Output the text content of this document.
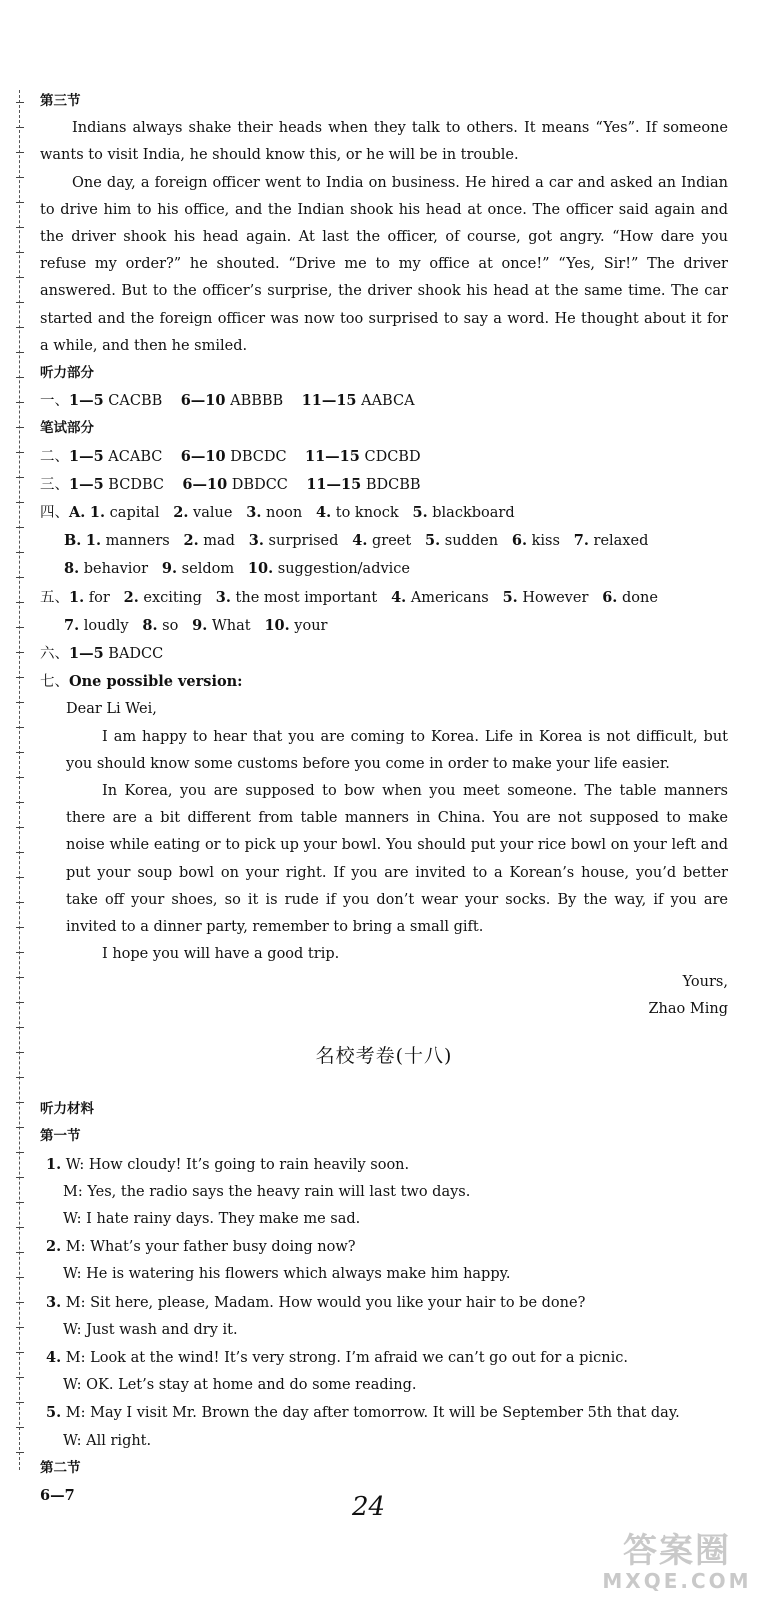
第三节

Indians always shake their heads when they talk to others. It means “Yes”. If someone wants to visit India, he should know this, or he will be in trouble.

One day, a foreign officer went to India on business. He hired a car and asked an Indian to drive him to his office, and the Indian shook his head at once. The officer said again and the driver shook his head again. At last the officer, of course, got angry. “How dare you refuse my order?” he shouted. “Drive me to my office at once!” “Yes, Sir!” The driver answered. But to the officer’s surprise, the driver shook his head at the same time. The car started and the foreign officer was now too surprised to say a word. He thought about it for a while, and then he smiled.

听力部分

一、1—5 CACBB 6—10 ABBBB 11—15 AABCA

笔试部分

二、1—5 ACABC 6—10 DBCDC 11—15 CDCBD

三、1—5 BCDBC 6—10 DBDCC 11—15 BDCBB

四、A. 1. capital 2. value 3. noon 4. to knock 5. blackboard

B. 1. manners 2. mad 3. surprised 4. greet 5. sudden 6. kiss 7. relaxed

8. behavior 9. seldom 10. suggestion/advice

五、1. for 2. exciting 3. the most important 4. Americans 5. However 6. done

7. loudly 8. so 9. What 10. your

六、1—5 BADCC

七、One possible version:

Dear Li Wei,

I am happy to hear that you are coming to Korea. Life in Korea is not difficult, but you should know some customs before you come in order to make your life easier.

In Korea, you are supposed to bow when you meet someone. The table manners there are a bit different from table manners in China. You are not supposed to make noise while eating or to pick up your bowl. You should put your rice bowl on your left and put your soup bowl on your right. If you are invited to a Korean’s house, you’d better take off your shoes, so it is rude if you don’t wear your socks. By the way, if you are invited to a dinner party, remember to bring a small gift.

I hope you will have a good trip.

Yours,

Zhao Ming

名校考卷(十八)

听力材料

第一节

1. W: How cloudy! It’s going to rain heavily soon.

M: Yes, the radio says the heavy rain will last two days.

W: I hate rainy days. They make me sad.

2. M: What’s your father busy doing now?

W: He is watering his flowers which always make him happy.

3. M: Sit here, please, Madam. How would you like your hair to be done?

W: Just wash and dry it.

4. M: Look at the wind! It’s very strong. I’m afraid we can’t go out for a picnic.

W: OK. Let’s stay at home and do some reading.

5. M: May I visit Mr. Brown the day after tomorrow. It will be September 5th that day.

W: All right.

第二节

6—7	24
答案圈
MXQE.COM
